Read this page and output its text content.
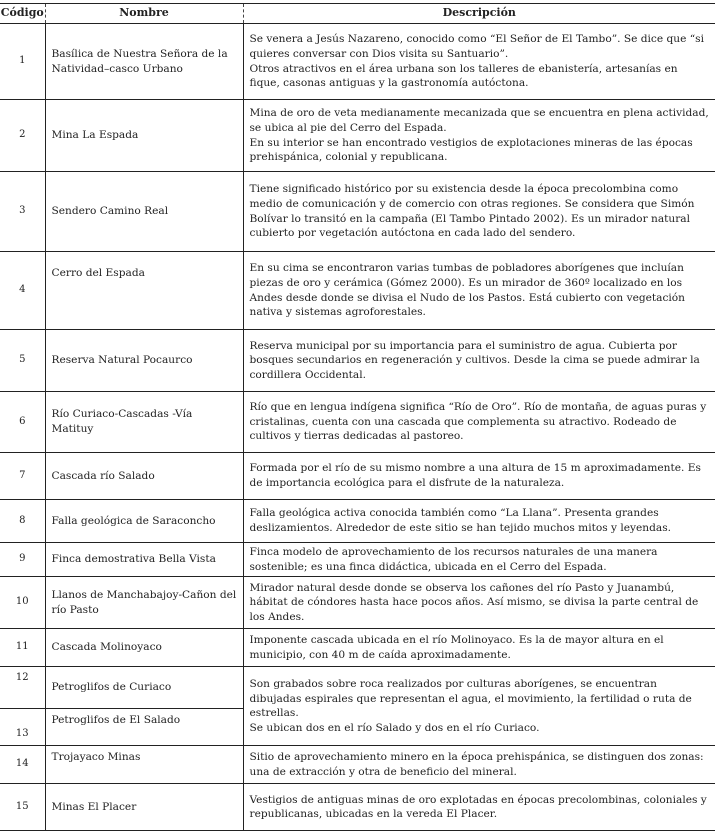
Código	Nombre	Descripción
1	Basílica de Nuestra Señora de la Natividad–casco Urbano	Se venera a Jesús Nazareno, conocido como “El Señor de El Tambo”. Se dice que “si quieres conversar con Dios visita su Santuario”.
Otros atractivos en el área urbana son los talleres de ebanistería, artesanías en fique, casonas antiguas y la gastronomía autóctona.

2	Mina La Espada	Mina de oro de veta medianamente mecanizada que se encuentra en plena actividad, se ubica al pie del Cerro del Espada.
En su interior se han encontrado vestigios de explotaciones mineras de las épocas prehispánica, colonial y republicana.

3	Sendero Camino Real	Tiene significado histórico por su existencia desde la época precolombina como medio de comunicación y de comercio con otras regiones. Se considera que Simón Bolívar lo transitó en la campaña (El Tambo Pintado 2002). Es un mirador natural cubierto por vegetación autóctona en cada lado del sendero.

4	Cerro del Espada	En su cima se encontraron varias tumbas de pobladores aborígenes que incluían piezas de oro y cerámica (Gómez 2000). Es un mirador de 360º localizado en los Andes desde donde se divisa el Nudo de los Pastos. Está cubierto con vegetación nativa y sistemas agroforestales.

5	Reserva Natural Pocaurco	Reserva municipal por su importancia para el suministro de agua. Cubierta por bosques secundarios en regeneración y cultivos. Desde la cima se puede admirar la cordillera Occidental.

6	Río Curiaco-Cascadas -Vía Matituy	Río que en lengua indígena significa “Río de Oro”. Río de montaña, de aguas puras y cristalinas, cuenta con una cascada que complementa su atractivo. Rodeado de cultivos y tierras dedicadas al pastoreo.

7	Cascada río Salado	Formada por el río de su mismo nombre a una altura de 15 m aproximadamente. Es de importancia ecológica para el disfrute de la naturaleza.

8	Falla geológica de Saraconcho	Falla geológica activa conocida también como “La Llana”. Presenta grandes deslizamientos. Alrededor de este sitio se han tejido muchos mitos y leyendas.

9	Finca demostrativa Bella Vista	Finca modelo de aprovechamiento de los recursos naturales de una manera sostenible; es una finca didáctica, ubicada en el Cerro del Espada.

10	Llanos de Manchabajoy-Cañon del río Pasto	Mirador natural desde donde se observa los cañones del río Pasto y Juanambú, hábitat de cóndores hasta hace pocos años. Así mismo, se divisa la parte central de los Andes.

11	Cascada Molinoyaco	Imponente cascada ubicada en el río Molinoyaco. Es la de mayor altura en el municipio, con 40 m de caída aproximadamente.

12	Petroglifos de Curiaco	Son grabados sobre roca realizados por culturas aborígenes, se encuentran dibujadas espirales que representan el agua, el movimiento, la fertilidad o ruta de estrellas.
Se ubican dos en el río Salado y dos en el río Curiaco.

13	Petroglifos de El Salado	
14	Trojayaco Minas	Sitio de aprovechamiento minero en la época prehispánica, se distinguen dos zonas: una de extracción y otra de beneficio del mineral.

15	Minas El Placer	Vestigios de antiguas minas de oro explotadas en épocas precolombinas, coloniales y republicanas, ubicadas en la vereda El Placer.
